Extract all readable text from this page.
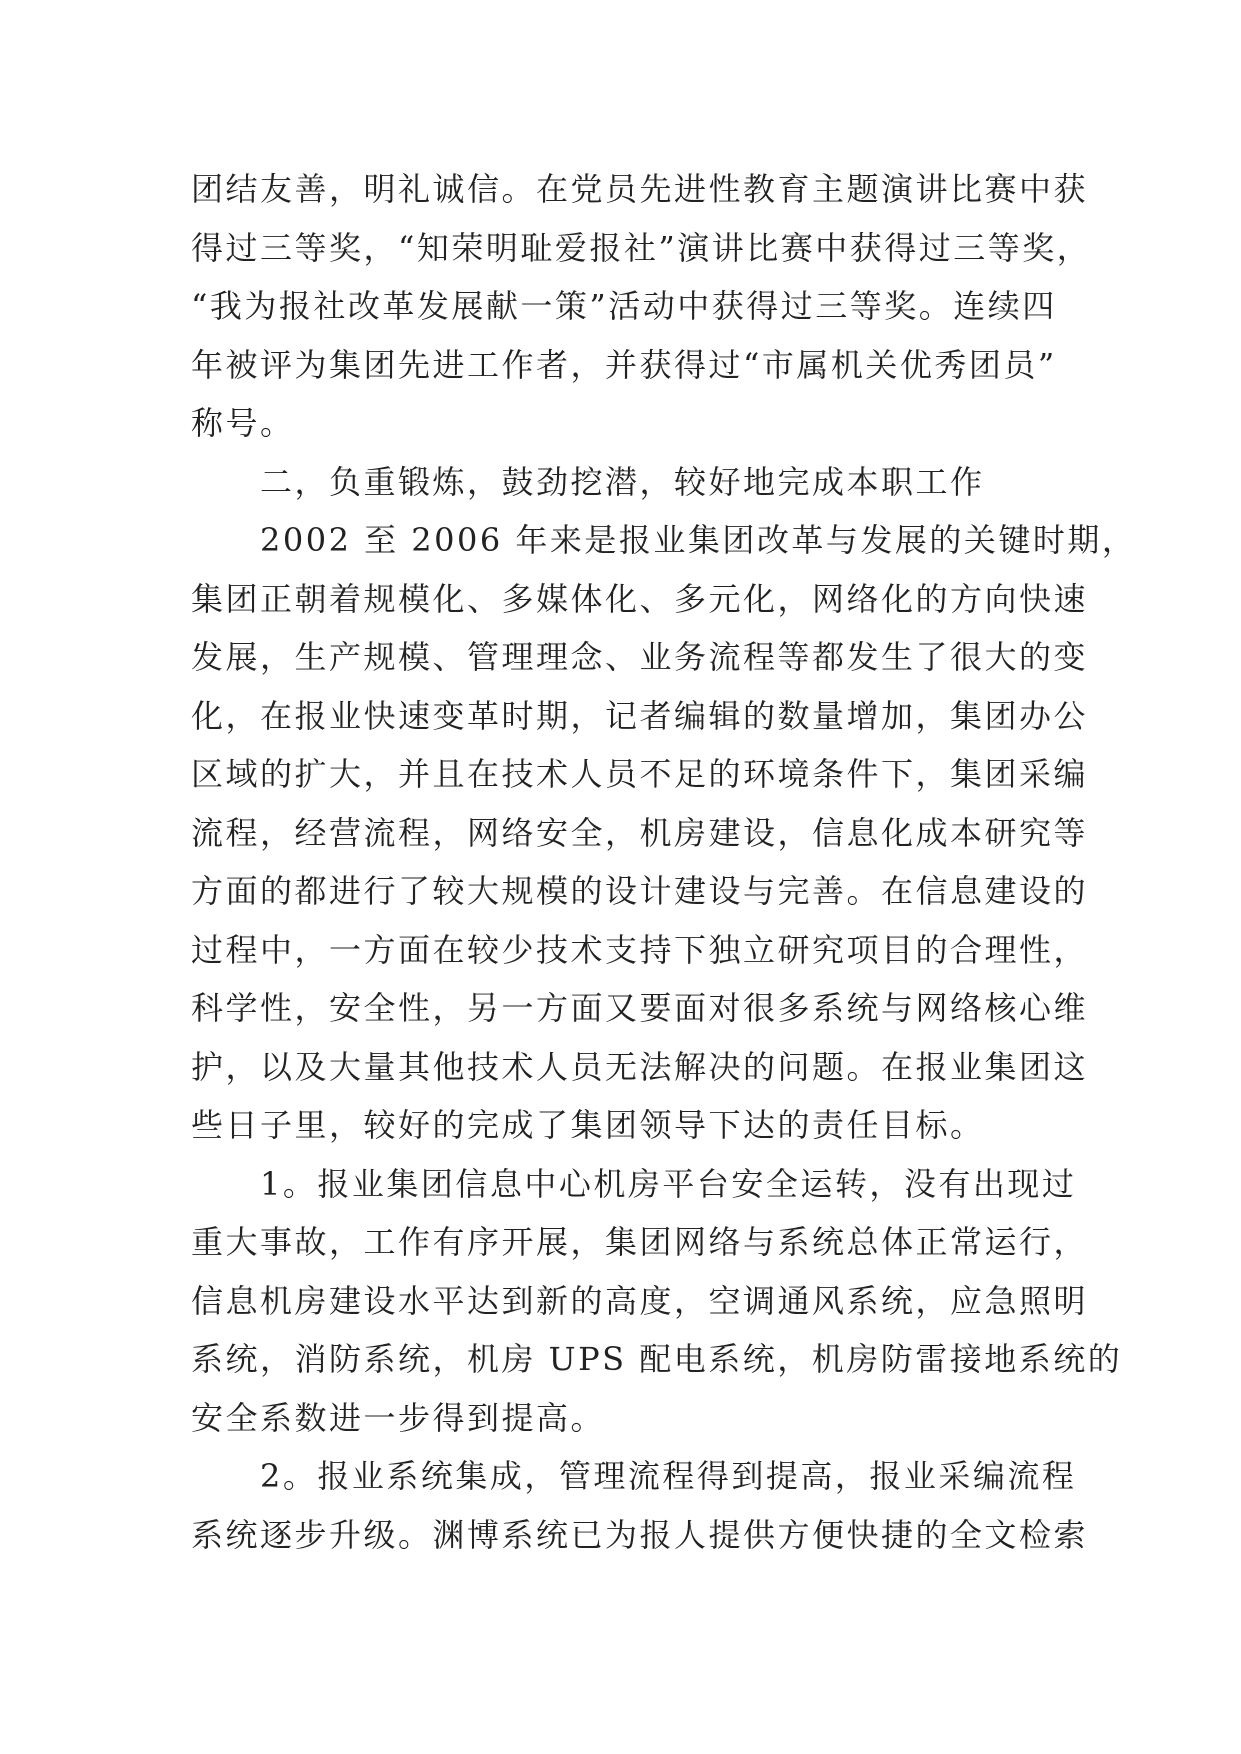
团结友善，明礼诚信。在党员先进性教育主题演讲比赛中获
得过三等奖，“知荣明耻爱报社”演讲比赛中获得过三等奖，
“我为报社改革发展献一策”活动中获得过三等奖。连续四
年被评为集团先进工作者，并获得过“市属机关优秀团员”
称号。
　　二，负重锻炼，鼓劲挖潜，较好地完成本职工作
　　2002 至 2006 年来是报业集团改革与发展的关键时期，
集团正朝着规模化、多媒体化、多元化，网络化的方向快速
发展，生产规模、管理理念、业务流程等都发生了很大的变
化，在报业快速变革时期，记者编辑的数量增加，集团办公
区域的扩大，并且在技术人员不足的环境条件下，集团采编
流程，经营流程，网络安全，机房建设，信息化成本研究等
方面的都进行了较大规模的设计建设与完善。在信息建设的
过程中，一方面在较少技术支持下独立研究项目的合理性，
科学性，安全性，另一方面又要面对很多系统与网络核心维
护，以及大量其他技术人员无法解决的问题。在报业集团这
些日子里，较好的完成了集团领导下达的责任目标。
　　1。报业集团信息中心机房平台安全运转，没有出现过
重大事故，工作有序开展，集团网络与系统总体正常运行，
信息机房建设水平达到新的高度，空调通风系统，应急照明
系统，消防系统，机房 UPS 配电系统，机房防雷接地系统的
安全系数进一步得到提高。
　　2。报业系统集成，管理流程得到提高，报业采编流程
系统逐步升级。渊博系统已为报人提供方便快捷的全文检索
